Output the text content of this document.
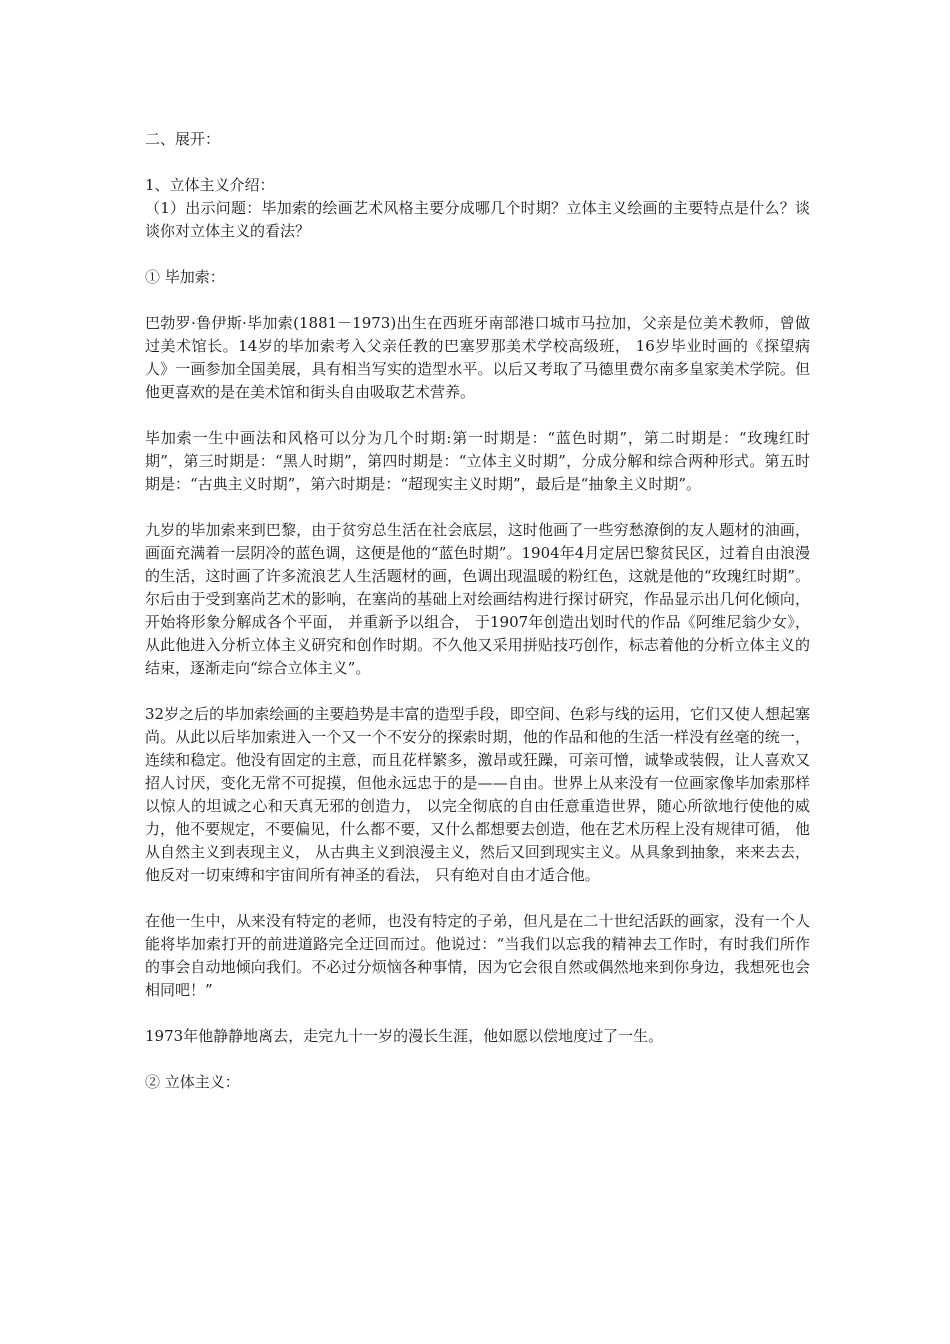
二、展开：

1、立体主义介绍：

（1）出示问题：毕加索的绘画艺术风格主要分成哪几个时期？立体主义绘画的主要特点是什么？谈谈你对立体主义的看法？

① 毕加索：

巴勃罗·鲁伊斯·毕加索(1881－1973)出生在西班牙南部港口城市马拉加，父亲是位美术教师，曾做过美术馆长。14岁的毕加索考入父亲任教的巴塞罗那美术学校高级班， 16岁毕业时画的《探望病人》一画参加全国美展，具有相当写实的造型水平。以后又考取了马德里费尔南多皇家美术学院。但他更喜欢的是在美术馆和街头自由吸取艺术营养。

毕加索一生中画法和风格可以分为几个时期:第一时期是：“蓝色时期”，第二时期是：“玫瑰红时期”，第三时期是：“黑人时期”，第四时期是：“立体主义时期”，分成分解和综合两种形式。第五时期是：“古典主义时期”，第六时期是：“超现实主义时期”，最后是“抽象主义时期”。

九岁的毕加索来到巴黎，由于贫穷总生活在社会底层，这时他画了一些穷愁潦倒的友人题材的油画，画面充满着一层阴冷的蓝色调，这便是他的“蓝色时期”。1904年4月定居巴黎贫民区，过着自由浪漫的生活，这时画了许多流浪艺人生活题材的画，色调出现温暖的粉红色，这就是他的“玫瑰红时期”。尔后由于受到塞尚艺术的影响，在塞尚的基础上对绘画结构进行探讨研究，作品显示出几何化倾向， 开始将形象分解成各个平面， 并重新予以组合， 于1907年创造出划时代的作品《阿维尼翁少女》，从此他进入分析立体主义研究和创作时期。不久他又采用拼贴技巧创作，标志着他的分析立体主义的结束，逐渐走向“综合立体主义”。

32岁之后的毕加索绘画的主要趋势是丰富的造型手段，即空间、色彩与线的运用，它们又使人想起塞尚。从此以后毕加索进入一个又一个不安分的探索时期，他的作品和他的生活一样没有丝毫的统一，连续和稳定。他没有固定的主意，而且花样繁多，激昂或狂躁，可亲可憎，诚挚或装假，让人喜欢又招人讨厌，变化无常不可捉摸，但他永远忠于的是——自由。世界上从来没有一位画家像毕加索那样以惊人的坦诚之心和天真无邪的创造力， 以完全彻底的自由任意重造世界，随心所欲地行使他的威力，他不要规定，不要偏见，什么都不要，又什么都想要去创造，他在艺术历程上没有规律可循， 他从自然主义到表现主义， 从古典主义到浪漫主义，然后又回到现实主义。从具象到抽象，来来去去，他反对一切束缚和宇宙间所有神圣的看法， 只有绝对自由才适合他。

在他一生中，从来没有特定的老师，也没有特定的子弟，但凡是在二十世纪活跃的画家，没有一个人能将毕加索打开的前进道路完全迂回而过。他说过：“当我们以忘我的精神去工作时，有时我们所作的事会自动地倾向我们。不必过分烦恼各种事情，因为它会很自然或偶然地来到你身边，我想死也会相同吧！”

1973年他静静地离去，走完九十一岁的漫长生涯，他如愿以偿地度过了一生。

② 立体主义：
